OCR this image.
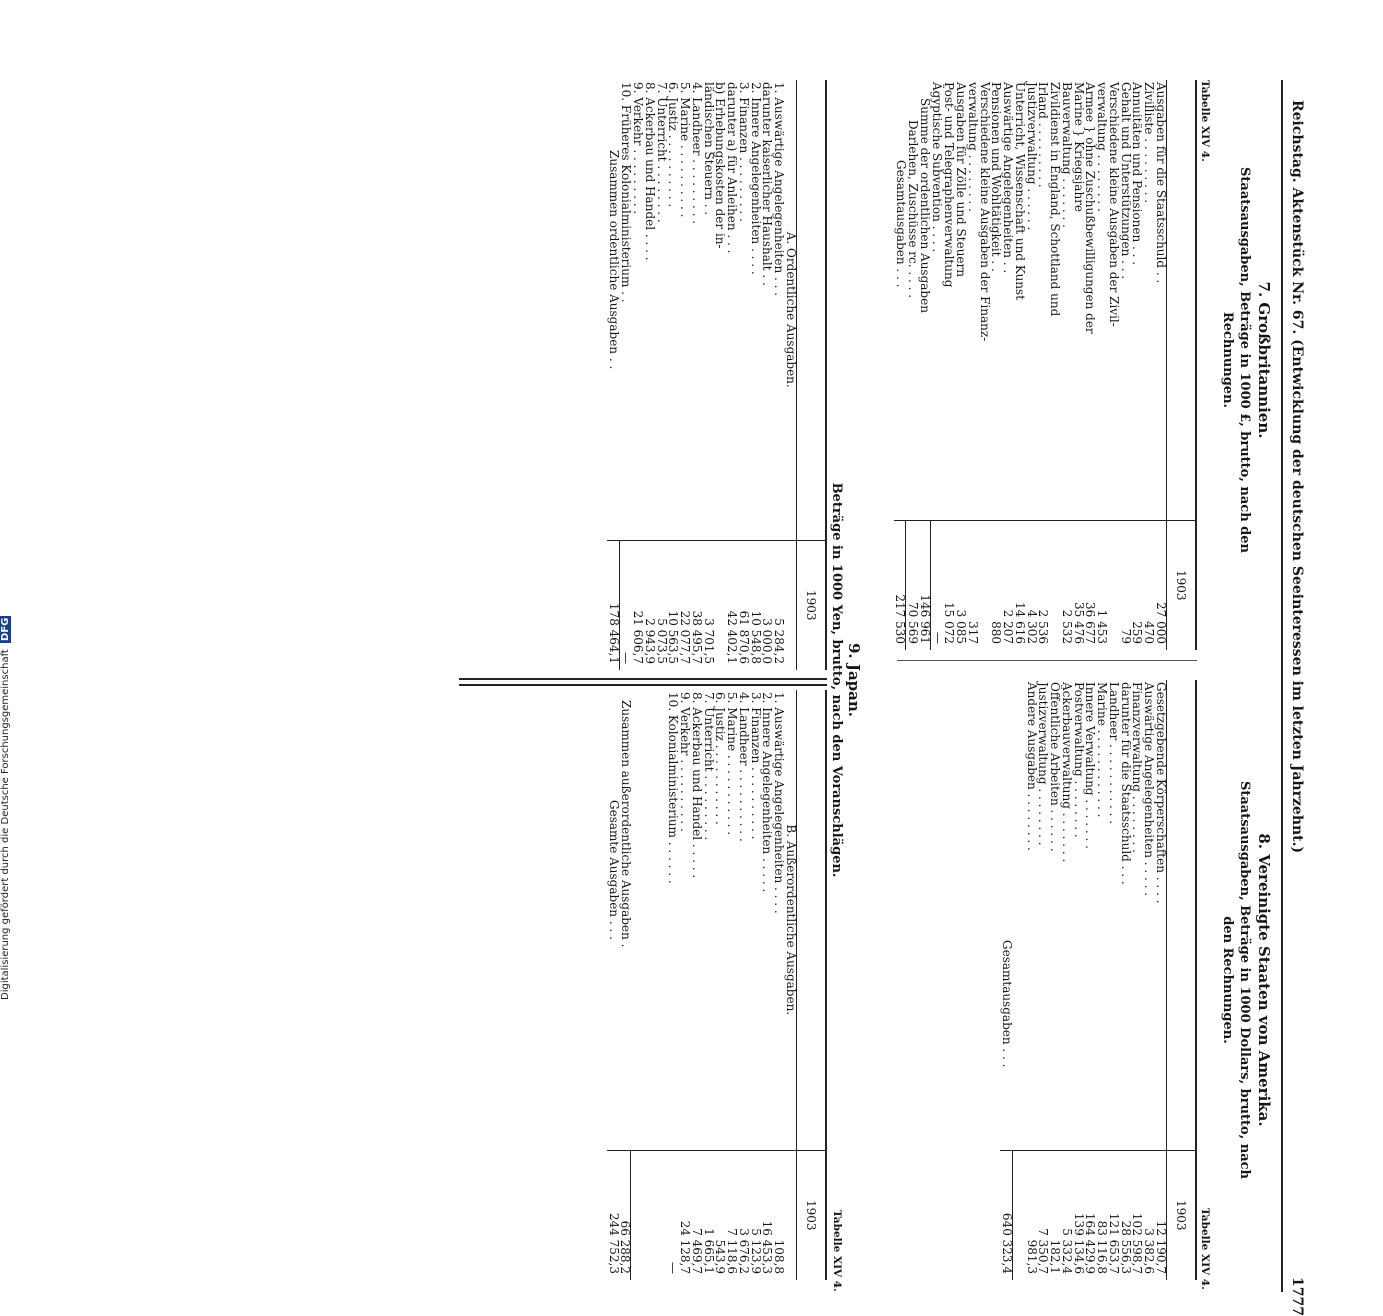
Reichstag. Aktenstück Nr. 67. (Entwicklung der deutschen Seeinteressen im letzten Jahrzehnt.)
1777
7. Großbritannien.
Staatsausgaben, Beträge in 1000 £, brutto, nach den Rechnungen.
Tabelle XIV 4.
	1903
Ausgaben für die Staatsschuld . .	27 000
Zivilliste . . . . . . . . .	470
Annuitäten und Pensionen . . .	259
Gehalt und Unterstützungen . . .	79
Verschiedene kleine Ausgaben der Zivil-	
verwaltung . . . . . . . .	1 453
Armee } ohne Zuschußbewilligungen der	36 677
Marine } Kriegsjahre	35 476
Bauverwaltung . . . . . . .	2 532
Zivildienst in England, Schottland und	
Irland . . . . . . . . .	2 536
Justizverwaltung . . . . . .	4 302
Unterricht, Wissenschaft und Kunst	14 616
Auswärtige Angelegenheiten . .	2 207
Pensionen und Wohltätigkeit . .	880
Verschiedene kleine Ausgaben der Finanz-	
verwaltung . . . . . . . .	317
Ausgaben für Zölle und Steuern	3 085
Post- und Telegraphenverwaltung	15 072
Ägyptische Subvention . . . .	—
Summe der ordentlichen Ausgaben	146 961
Darlehen, Zuschüsse rc. . . . .	70 569
Gesamtausgaben . . .	217 530
8. Vereinigte Staaten von Amerika.
Staatsausgaben, Beträge in 1000 Dollars, brutto, nach den Rechnungen.
Tabelle XIV 4.
	1903
Gesetzgebende Körperschaften . . . .	12 190,7
Auswärtige Angelegenheiten . . . . .	3 382,6
Finanzverwaltung . . . . . . . .	102 598,7
darunter für die Staatsschuld . . .	28 556,3
Landheer . . . . . . . . . . .	121 653,7
Marine . . . . . . . . . . . .	83 116,8
Innere Verwaltung . . . . . . .	164 429,9
Postverwaltung . . . . . . . .	139 134,6
Ackerbauverwaltung . . . . . . .	5 332,4
Öffentliche Arbeiten . . . . . .	182,1
Justizverwaltung . . . . . . . .	7 350,7
Andere Ausgaben . . . . . . . .	981,3

Gesamtausgaben . . .	640 323,4
9. Japan.
Beträge in 1000 Yen, brutto, nach den Voranschlägen.
Tabelle XIV 4.
	1903
A. Ordentliche Ausgaben.	
1. Auswärtige Angelegenheiten . . .	5 284,2
darunter kaiserlicher Haushalt . .	3 000,0
2. Innere Angelegenheiten . . . .	10 548,8
3. Finanzen . . . . . . . . .	61 870,6
darunter a) für Anleihen . . .	42 402,1
b) Erhebungskosten der in-	
ländischen Steuern . .	3 701,5
4. Landheer . . . . . . . . .	38 495,7
5. Marine . . . . . . . . . .	22 077,7
6. Justiz . . . . . . . . . .	10 563,5
7. Unterricht . . . . . . . .	5 073,5
8. Ackerbau und Handel . . . .	2 943,9
9. Verkehr . . . . . . . . .	21 606,7
10. Früheres Kolonialministerium . .	—
Zusammen ordentliche Ausgaben . .	178 464,1
	1903
B. Außerordentliche Ausgaben.	
1. Auswärtige Angelegenheiten . . . .	108,8
2. Innere Angelegenheiten . . . . .	16 453,3
3. Finanzen . . . . . . . . . .	5 123,9
4. Landheer . . . . . . . . . .	3 676,2
5. Marine . . . . . . . . . . .	7 118,6
6. Justiz . . . . . . . . . . .	543,9
7. Unterricht . . . . . . . . .	1 665,1
8. Ackerbau und Handel . . . . .	7 469,7
9. Verkehr . . . . . . . . . .	24 128,7
10. Kolonialministerium . . . . . .	—

Zusammen außerordentliche Ausgaben .	66 288,2
Gesamte Ausgaben . . .	244 752,3
Digitalisierung gefördert durch die Deutsche Forschungsgemeinschaft DFG
